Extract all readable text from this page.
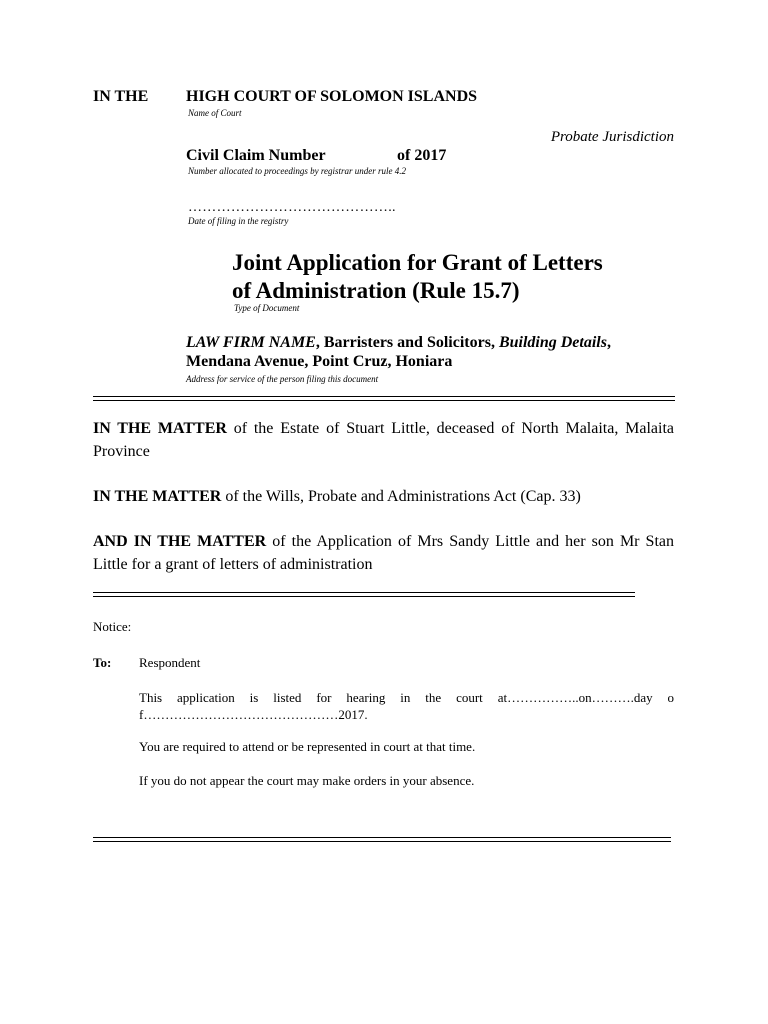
IN THE HIGH COURT OF SOLOMON ISLANDS
Name of Court
Probate Jurisdiction
Civil Claim Number	of 2017
Number allocated to proceedings by registrar under rule 4.2
……………………………………..
Date of filing in the registry
Joint Application for Grant of Letters
of Administration (Rule 15.7)
Type of Document
LAW FIRM NAME, Barristers and Solicitors, Building Details,
Mendana Avenue, Point Cruz, Honiara
Address for service of the person filing this document
IN THE MATTER of the Estate of Stuart Little, deceased of North Malaita, Malaita Province
IN THE MATTER of the Wills, Probate and Administrations Act (Cap. 33)
AND IN THE MATTER of the Application of Mrs Sandy Little and her son Mr Stan Little for a grant of letters of administration
Notice:
To: Respondent
This application is listed for hearing in the court at……………..on……….day of………………………………………2017.
You are required to attend or be represented in court at that time.
If you do not appear the court may make orders in your absence.
